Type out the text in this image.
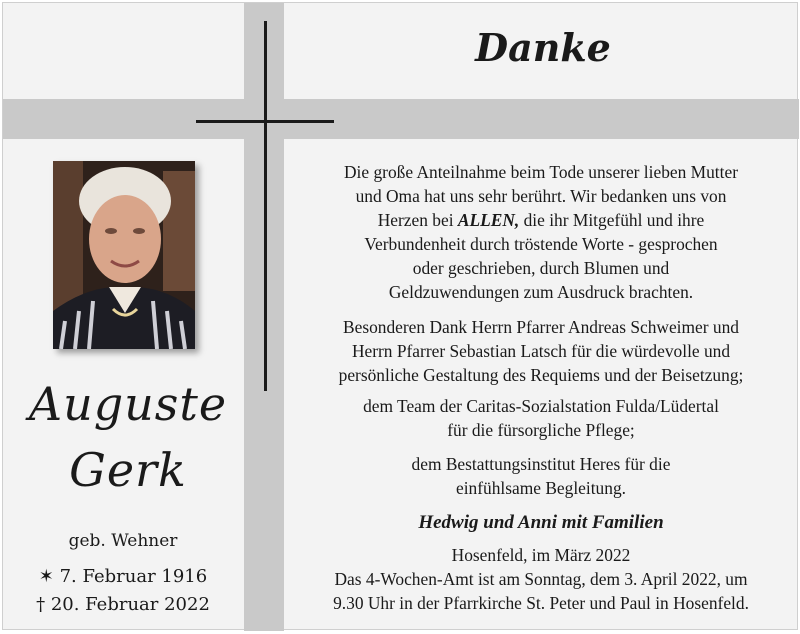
Danke
Auguste
Gerk
geb. Wehner
✶ 7. Februar 1916
† 20. Februar 2022
Die große Anteilnahme beim Tode unserer lieben Mutter
und Oma hat uns sehr berührt. Wir bedanken uns von
Herzen bei ALLEN, die ihr Mitgefühl und ihre
Verbundenheit durch tröstende Worte - gesprochen
oder geschrieben, durch Blumen und
Geldzuwendungen zum Ausdruck brachten.
Besonderen Dank Herrn Pfarrer Andreas Schweimer und
Herrn Pfarrer Sebastian Latsch für die würdevolle und
persönliche Gestaltung des Requiems und der Beisetzung;
dem Team der Caritas-Sozialstation Fulda/Lüdertal
für die fürsorgliche Pflege;
dem Bestattungsinstitut Heres für die
einfühlsame Begleitung.
Hedwig und Anni mit Familien
Hosenfeld, im März 2022
Das 4-Wochen-Amt ist am Sonntag, dem 3. April 2022, um
9.30 Uhr in der Pfarrkirche St. Peter und Paul in Hosenfeld.
